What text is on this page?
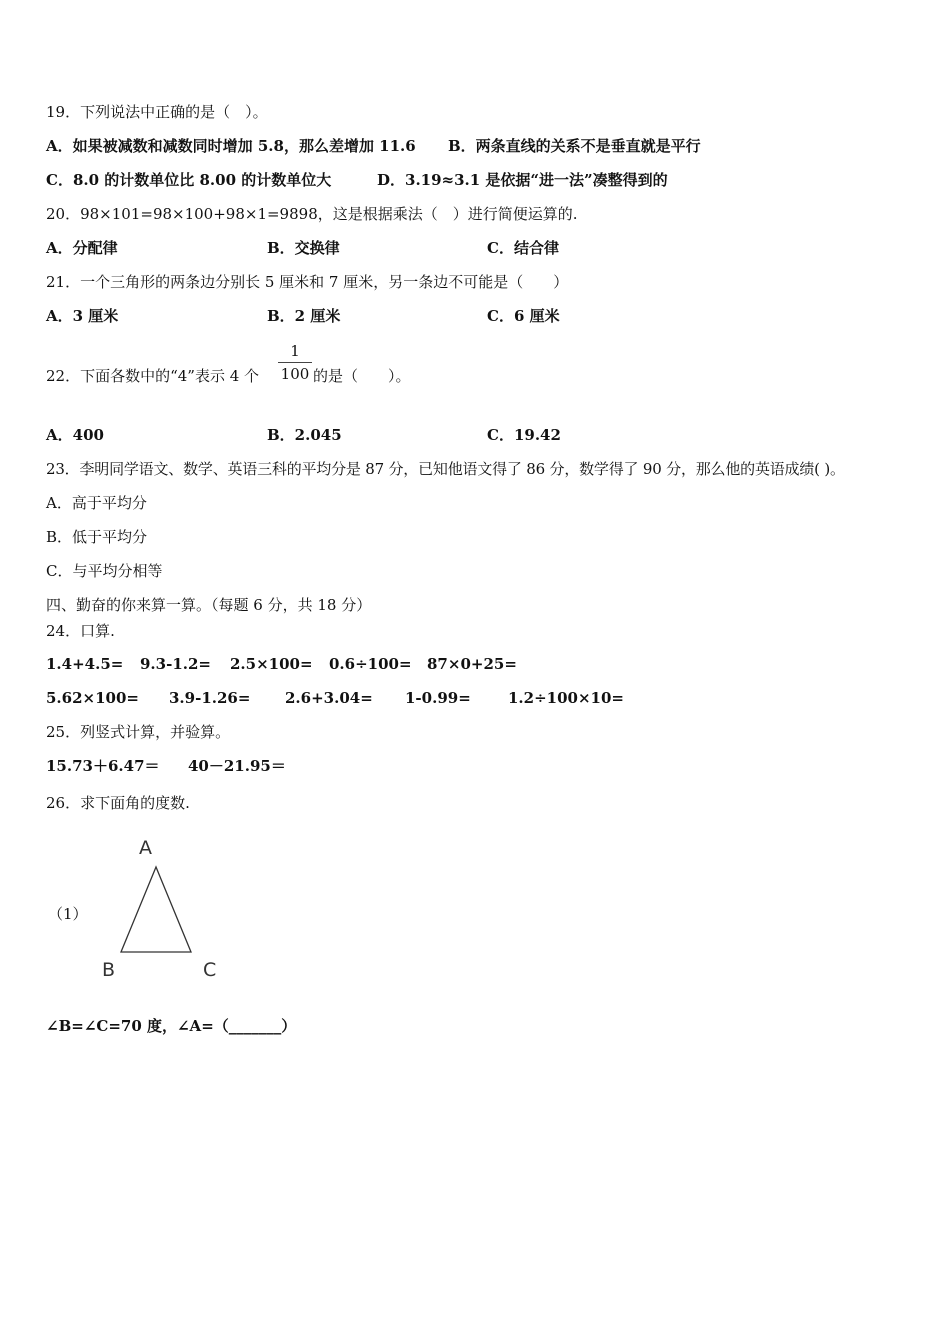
19．下列说法中正确的是（　）。
A．如果被减数和减数同时增加 5.8，那么差增加 11.6 B．两条直线的关系不是垂直就是平行
C．8.0 的计数单位比 8.00 的计数单位大	D．3.19≈3.1 是依据“进一法”凑整得到的
20．98×101=98×100+98×1=9898，这是根据乘法（　）进行简便运算的.
A．分配律	B．交换律	C．结合律
21．一个三角形的两条边分别长 5 厘米和 7 厘米，另一条边不可能是（　　）
A．3 厘米	B．2 厘米	C．6 厘米
22．下面各数中的“4”表示 4 个
1
100 的是（　　）。
A．400	B．2.045	C．19.42
23．李明同学语文、数学、英语三科的平均分是 87 分，已知他语文得了 86 分，数学得了 90 分，那么他的英语成绩( )。
A．高于平均分
B．低于平均分
C．与平均分相等
四、勤奋的你来算一算。（每题 6 分，共 18 分）
24．口算.
1.4+4.5= 9.3-1.2= 2.5×100= 0.6÷100= 87×0+25=
5.62×100= 3.9-1.26= 2.6+3.04= 1-0.99= 1.2÷100×10=
25．列竖式计算，并验算。
15.73＋6.47＝ 40－21.95＝
26．求下面角的度数.
（1）
A
B	C
∠B=∠C=70 度，∠A=（_______）
